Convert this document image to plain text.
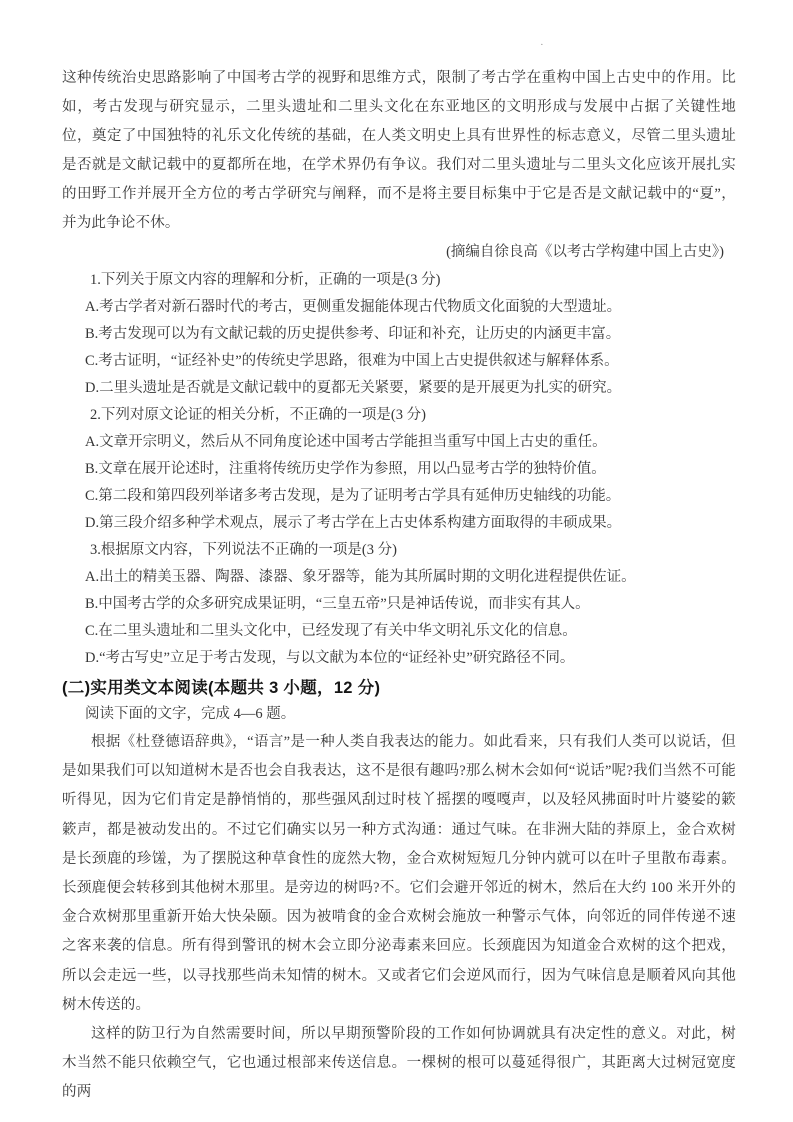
·

这种传统治史思路影响了中国考古学的视野和思维方式，限制了考古学在重构中国上古史中的作用。比如，考古发现与研究显示，二里头遗址和二里头文化在东亚地区的文明形成与发展中占据了关键性地位，奠定了中国独特的礼乐文化传统的基础，在人类文明史上具有世界性的标志意义，尽管二里头遗址是否就是文献记载中的夏都所在地，在学术界仍有争议。我们对二里头遗址与二里头文化应该开展扎实的田野工作并展开全方位的考古学研究与阐释，而不是将主要目标集中于它是否是文献记载中的“夏”，并为此争论不休。

(摘编自徐良高《以考古学构建中国上古史》)

1.下列关于原文内容的理解和分析，正确的一项是(3 分)

A.考古学者对新石器时代的考古，更侧重发掘能体现古代物质文化面貌的大型遗址。

B.考古发现可以为有文献记载的历史提供参考、印证和补充，让历史的内涵更丰富。

C.考古证明，“证经补史”的传统史学思路，很难为中国上古史提供叙述与解释体系。

D.二里头遗址是否就是文献记载中的夏都无关紧要，紧要的是开展更为扎实的研究。

2.下列对原文论证的相关分析，不正确的一项是(3 分)

A.文章开宗明义，然后从不同角度论述中国考古学能担当重写中国上古史的重任。

B.文章在展开论述时，注重将传统历史学作为参照，用以凸显考古学的独特价值。

C.第二段和第四段列举诸多考古发现，是为了证明考古学具有延伸历史轴线的功能。

D.第三段介绍多种学术观点，展示了考古学在上古史体系构建方面取得的丰硕成果。

3.根据原文内容，下列说法不正确的一项是(3 分)

A.出土的精美玉器、陶器、漆器、象牙器等，能为其所属时期的文明化进程提供佐证。

B.中国考古学的众多研究成果证明，“三皇五帝”只是神话传说，而非实有其人。

C.在二里头遗址和二里头文化中，已经发现了有关中华文明礼乐文化的信息。

D.“考古写史”立足于考古发现，与以文献为本位的“证经补史”研究路径不同。

(二)实用类文本阅读(本题共 3 小题，12 分)

阅读下面的文字，完成 4—6 题。

根据《杜登德语辞典》，“语言”是一种人类自我表达的能力。如此看来，只有我们人类可以说话，但是如果我们可以知道树木是否也会自我表达，这不是很有趣吗?那么树木会如何“说话”呢?我们当然不可能听得见，因为它们肯定是静悄悄的，那些强风刮过时枝丫摇摆的嘎嘎声，以及轻风拂面时叶片婆娑的簌簌声，都是被动发出的。不过它们确实以另一种方式沟通：通过气味。在非洲大陆的莽原上，金合欢树是长颈鹿的珍馐，为了摆脱这种草食性的庞然大物，金合欢树短短几分钟内就可以在叶子里散布毒素。长颈鹿便会转移到其他树木那里。是旁边的树吗?不。它们会避开邻近的树木，然后在大约 100 米开外的金合欢树那里重新开始大快朵颐。因为被啃食的金合欢树会施放一种警示气体，向邻近的同伴传递不速之客来袭的信息。所有得到警讯的树木会立即分泌毒素来回应。长颈鹿因为知道金合欢树的这个把戏，所以会走远一些，以寻找那些尚未知情的树木。又或者它们会逆风而行，因为气味信息是顺着风向其他树木传送的。

这样的防卫行为自然需要时间，所以早期预警阶段的工作如何协调就具有决定性的意义。对此，树木当然不能只依赖空气，它也通过根部来传送信息。一棵树的根可以蔓延得很广，其距离大过树冠宽度的两
